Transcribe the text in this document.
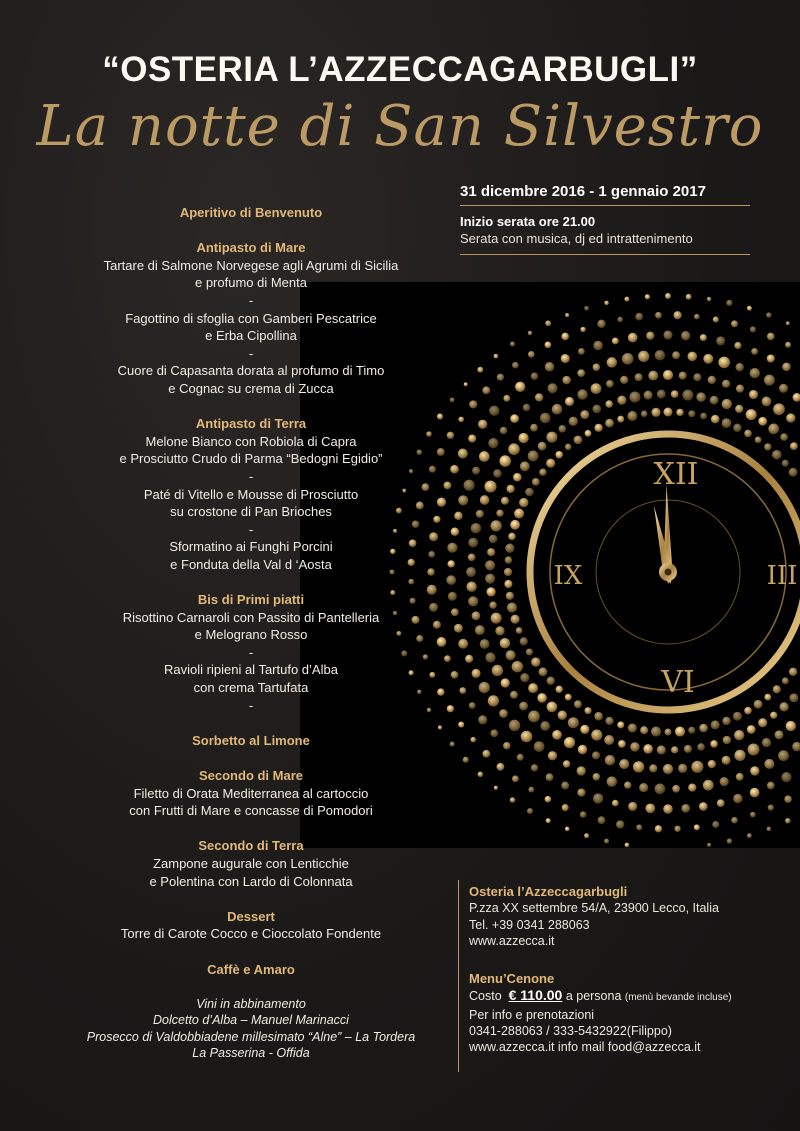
XII
III
VI
IX
“OSTERIA L’AZZECCAGARBUGLI”
La notte di San Silvestro
31 dicembre 2016 - 1 gennaio 2017
Inizio serata ore 21.00
Serata con musica, dj ed intrattenimento
Aperitivo di Benvenuto
Antipasto di Mare
Tartare di Salmone Norvegese agli Agrumi di Sicilia
e profumo di Menta
-
Fagottino di sfoglia con Gamberi Pescatrice
e Erba Cipollina
-
Cuore di Capasanta dorata al profumo di Timo
e Cognac su crema di Zucca
Antipasto di Terra
Melone Bianco con Robiola di Capra
e Prosciutto Crudo di Parma “Bedogni Egidio”
-
Paté di Vitello e Mousse di Prosciutto
su crostone di Pan Brioches
-
Sformatino ai Funghi Porcini
e Fonduta della Val d ‘Aosta
Bis di Primi piatti
Risottino Carnaroli con Passito di Pantelleria
e Melograno Rosso
-
Ravioli ripieni al Tartufo d’Alba
con crema Tartufata
-
Sorbetto al Limone
Secondo di Mare
Filetto di Orata Mediterranea al cartoccio
con Frutti di Mare e concasse di Pomodori
Secondo di Terra
Zampone augurale con Lenticchie
e Polentina con Lardo di Colonnata
Dessert
Torre di Carote Cocco e Cioccolato Fondente
Caffè e Amaro
Vini in abbinamento
Dolcetto d’Alba – Manuel Marinacci
Prosecco di Valdobbiadene millesimato “Alne” – La Tordera
La Passerina - Offida
Osteria l’Azzeccagarbugli
P.zza XX settembre 54/A, 23900 Lecco, Italia
Tel. +39 0341 288063
www.azzecca.it
Menu’Cenone
Costo € 110.00 a persona (menù bevande incluse)
Per info e prenotazioni
0341-288063 / 333-5432922(Filippo)
www.azzecca.it info mail food@azzecca.it
